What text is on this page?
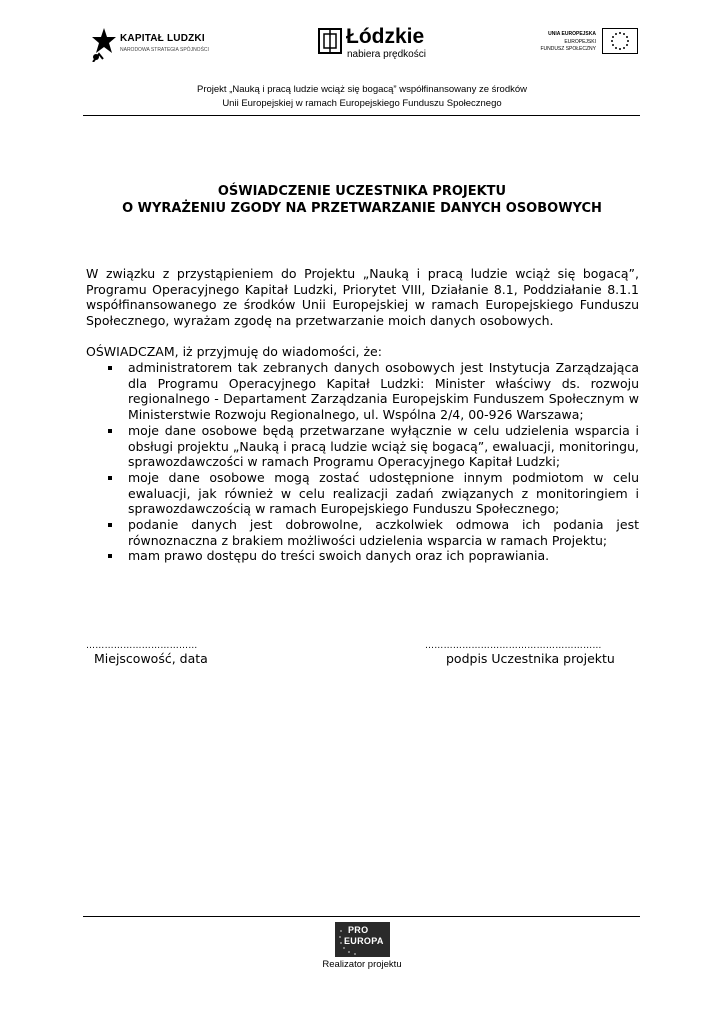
KAPITAŁ LUDZKI
NARODOWA STRATEGIA SPÓJNOŚCI
Łódzkie
nabiera prędkości
UNIA EUROPEJSKA
EUROPEJSKI
FUNDUSZ SPOŁECZNY
Projekt „Nauką i pracą ludzie wciąż się bogacą” współfinansowany ze środków
Unii Europejskiej w ramach Europejskiego Funduszu Społecznego
OŚWIADCZENIE UCZESTNIKA PROJEKTU
O WYRAŻENIU ZGODY NA PRZETWARZANIE DANYCH OSOBOWYCH

W związku z przystąpieniem do Projektu „Nauką i pracą ludzie wciąż się bogacą”, Programu Operacyjnego Kapitał Ludzki, Priorytet VIII, Działanie 8.1, Poddziałanie 8.1.1 współfinansowanego ze środków Unii Europejskiej w ramach Europejskiego Funduszu Społecznego, wyrażam zgodę na przetwarzanie moich danych osobowych.

OŚWIADCZAM, iż przyjmuję do wiadomości, że:

administratorem tak zebranych danych osobowych jest Instytucja Zarządzająca dla Programu Operacyjnego Kapitał Ludzki: Minister właściwy ds. rozwoju regionalnego - Departament Zarządzania Europejskim Funduszem Społecznym w Ministerstwie Rozwoju Regionalnego, ul. Wspólna 2/4, 00-926 Warszawa;
moje dane osobowe będą przetwarzane wyłącznie w celu udzielenia wsparcia i obsługi projektu „Nauką i pracą ludzie wciąż się bogacą”, ewaluacji, monitoringu, sprawozdawczości w ramach Programu Operacyjnego Kapitał Ludzki;
moje dane osobowe mogą zostać udostępnione innym podmiotom w celu ewaluacji, jak również w celu realizacji zadań związanych z monitoringiem i sprawozdawczością w ramach Europejskiego Funduszu Społecznego;
podanie danych jest dobrowolne, aczkolwiek odmowa ich podania jest równoznaczna z brakiem możliwości udzielenia wsparcia w ramach Projektu;
mam prawo dostępu do treści swoich danych oraz ich poprawiania.
………………………………	…………………………………………………
Miejscowość, data	podpis Uczestnika projektu
PRO
EUROPA
Realizator projektu
